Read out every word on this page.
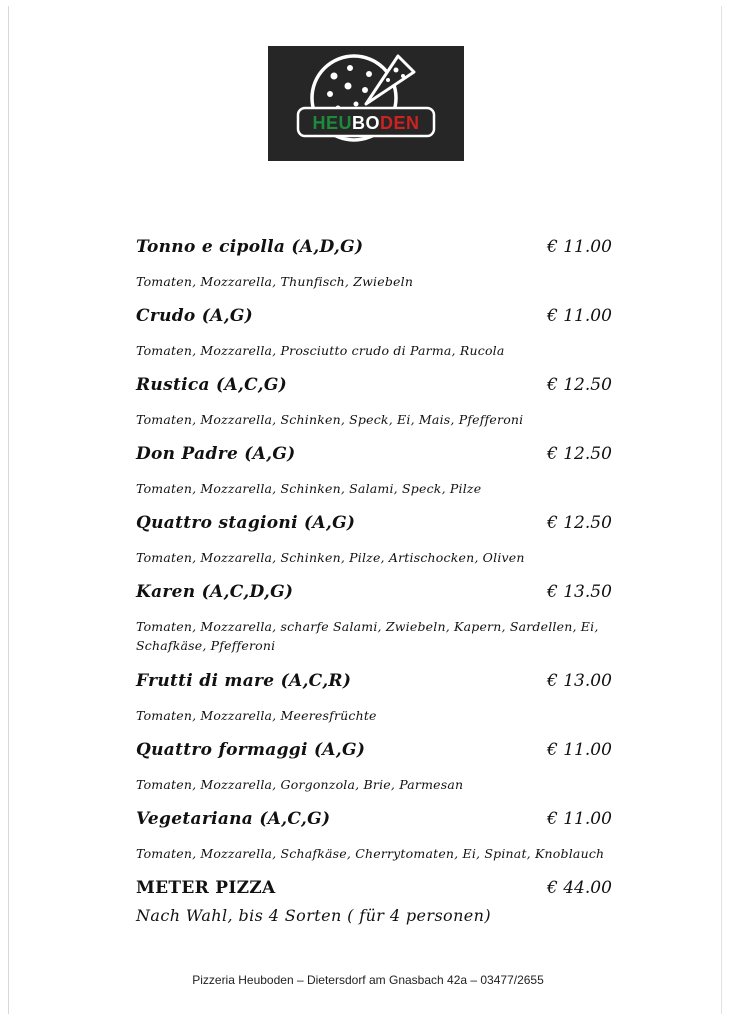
HEUBODEN
Tonno e cipolla (A,D,G)	€ 11.00
Tomaten, Mozzarella, Thunfisch, Zwiebeln
Crudo (A,G)	€ 11.00
Tomaten, Mozzarella, Prosciutto crudo di Parma, Rucola
Rustica (A,C,G)	€ 12.50
Tomaten, Mozzarella, Schinken, Speck, Ei, Mais, Pfefferoni
Don Padre (A,G)	€ 12.50
Tomaten, Mozzarella, Schinken, Salami, Speck, Pilze
Quattro stagioni (A,G)	€ 12.50
Tomaten, Mozzarella, Schinken, Pilze, Artischocken, Oliven
Karen (A,C,D,G)	€ 13.50
Tomaten, Mozzarella, scharfe Salami, Zwiebeln, Kapern, Sardellen, Ei, Schafkäse, Pfefferoni
Frutti di mare (A,C,R)	€ 13.00
Tomaten, Mozzarella, Meeresfrüchte
Quattro formaggi (A,G)	€ 11.00
Tomaten, Mozzarella, Gorgonzola, Brie, Parmesan
Vegetariana (A,C,G)	€ 11.00
Tomaten, Mozzarella, Schafkäse, Cherrytomaten, Ei, Spinat, Knoblauch
METER PIZZA	€ 44.00
Nach Wahl, bis 4 Sorten ( für 4 personen)
Pizzeria Heuboden – Dietersdorf am Gnasbach 42a – 03477/2655
